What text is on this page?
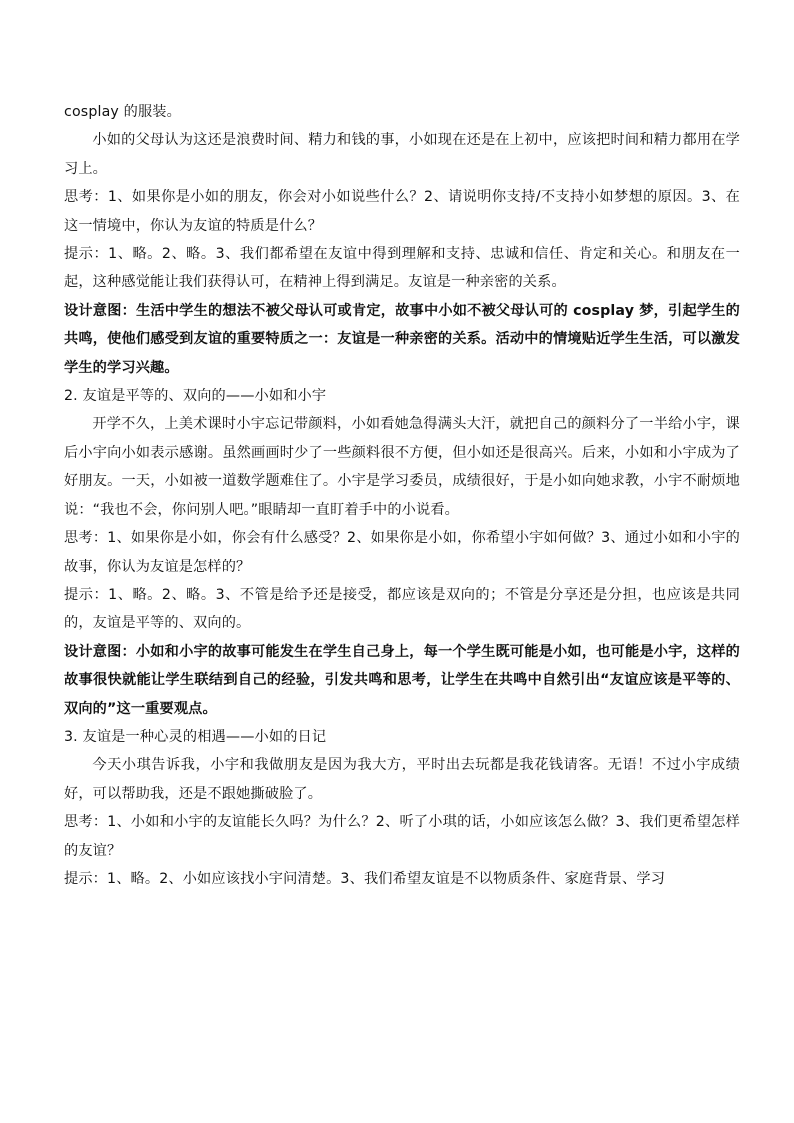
cosplay 的服装。

小如的父母认为这还是浪费时间、精力和钱的事，小如现在还是在上初中，应该把时间和精力都用在学习上。

思考：1、如果你是小如的朋友，你会对小如说些什么？2、请说明你支持/不支持小如梦想的原因。3、在这一情境中，你认为友谊的特质是什么？

提示：1、略。2、略。3、我们都希望在友谊中得到理解和支持、忠诚和信任、肯定和关心。和朋友在一起，这种感觉能让我们获得认可，在精神上得到满足。友谊是一种亲密的关系。

设计意图：生活中学生的想法不被父母认可或肯定，故事中小如不被父母认可的 cosplay 梦，引起学生的共鸣，使他们感受到友谊的重要特质之一：友谊是一种亲密的关系。活动中的情境贴近学生生活，可以激发学生的学习兴趣。

2. 友谊是平等的、双向的——小如和小宇

开学不久，上美术课时小宇忘记带颜料，小如看她急得满头大汗，就把自己的颜料分了一半给小宇，课后小宇向小如表示感谢。虽然画画时少了一些颜料很不方便，但小如还是很高兴。后来，小如和小宇成为了好朋友。一天，小如被一道数学题难住了。小宇是学习委员，成绩很好，于是小如向她求教，小宇不耐烦地说：“我也不会，你问别人吧。”眼睛却一直盯着手中的小说看。

思考：1、如果你是小如，你会有什么感受？2、如果你是小如，你希望小宇如何做？3、通过小如和小宇的故事，你认为友谊是怎样的？

提示：1、略。2、略。3、不管是给予还是接受，都应该是双向的；不管是分享还是分担，也应该是共同的，友谊是平等的、双向的。

设计意图：小如和小宇的故事可能发生在学生自己身上，每一个学生既可能是小如，也可能是小宇，这样的故事很快就能让学生联结到自己的经验，引发共鸣和思考，让学生在共鸣中自然引出“友谊应该是平等的、双向的”这一重要观点。

3. 友谊是一种心灵的相遇——小如的日记

今天小琪告诉我，小宇和我做朋友是因为我大方，平时出去玩都是我花钱请客。无语！不过小宇成绩好，可以帮助我，还是不跟她撕破脸了。

思考：1、小如和小宇的友谊能长久吗？为什么？2、听了小琪的话，小如应该怎么做？3、我们更希望怎样的友谊？

提示：1、略。2、小如应该找小宇问清楚。3、我们希望友谊是不以物质条件、家庭背景、学习
